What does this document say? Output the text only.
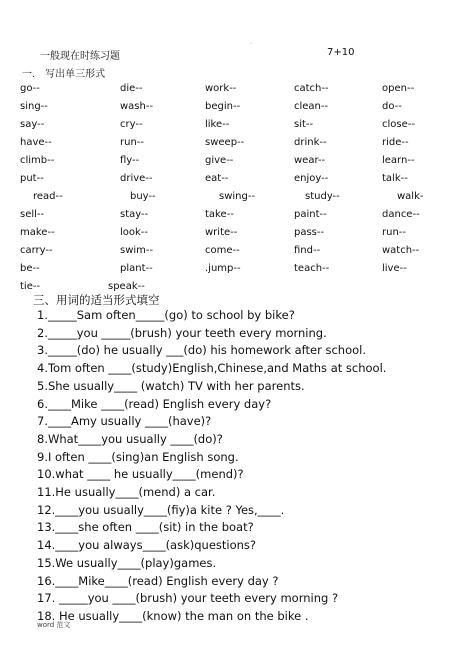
.
一般现在时练习题	7+10
一． 写出单三形式
go--	die--	work--	catch--	open--
sing--	wash--	begin--	clean--	do--
say--	cry--	like--	sit--	close--
have--	run--	sweep--	drink--	ride--
climb--	fly--	give--	wear--	learn--
put--	drive--	eat--	enjoy--	talk--
read--	buy--	swing--	study--	walk-
sell--	stay--	take--	paint--	dance--
make--	look--	write--	pass--	run--
carry--	swim--	come--	find--	watch--
be--	plant--	.jump--	teach--	live--
tie--	speak--
三、用词的适当形式填空
1._____Sam often_____(go) to school by bike?
2._____you _____(brush) your teeth every morning.
3._____(do) he usually ___(do) his homework after school.
4.Tom often ____(study)English,Chinese,and Maths at school.
5.She usually____ (watch) TV with her parents.
6.____Mike ____(read) English every day?
7.____Amy usually ____(have)?
8.What____you usually ____(do)?
9.I often ____(sing)an English song.
10.what ____ he usually____(mend)?
11.He usually____(mend) a car.
12.____you usually____(fiy)a kite ? Yes,____.
13.____she often ____(sit) in the boat?
14.____you always____(ask)questions?
15.We usually____(play)games.
16.____Mike____(read) English every day ?
17. _____you ____(brush) your teeth every morning ?
18. He usually____(know) the man on the bike .
word 范文
